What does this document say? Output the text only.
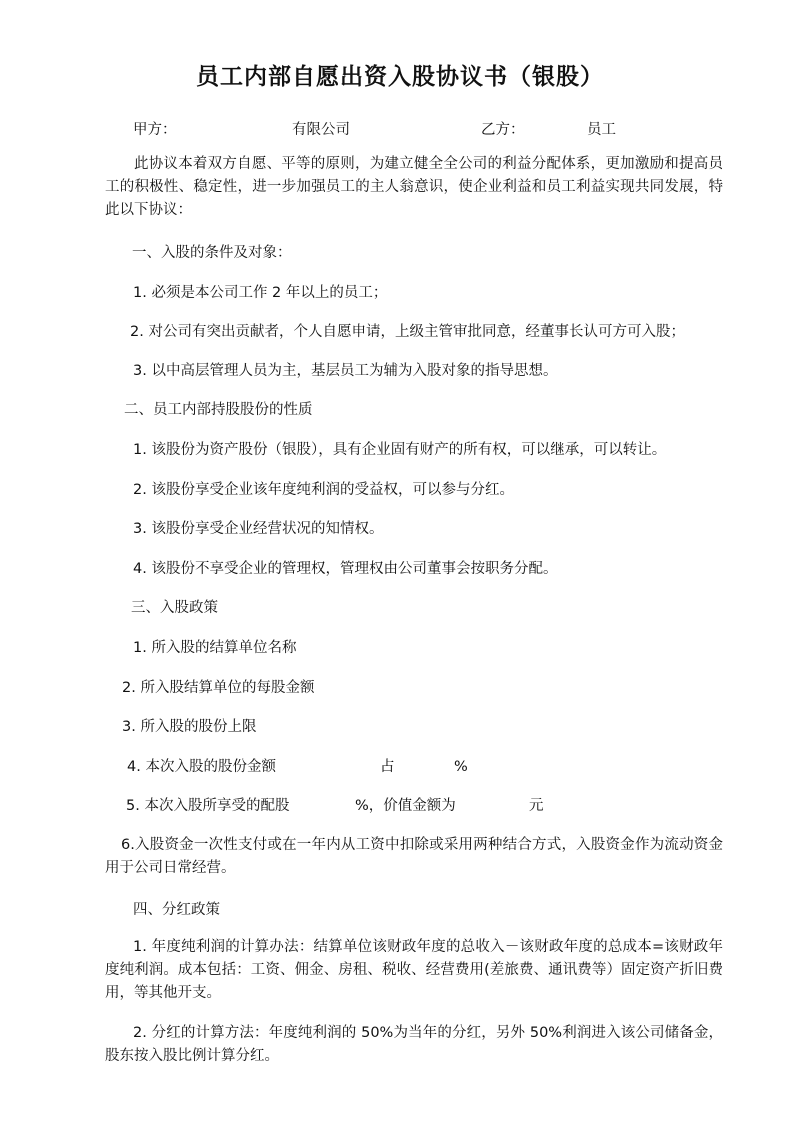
员工内部自愿出资入股协议书（银股）
甲方：	有限公司	乙方：	员工
此协议本着双方自愿、平等的原则，为建立健全全公司的利益分配体系，更加激励和提高员工的积极性、稳定性，进一步加强员工的主人翁意识，使企业利益和员工利益实现共同发展，特此以下协议：
一、入股的条件及对象：
1. 必须是本公司工作 2 年以上的员工；
2. 对公司有突出贡献者，个人自愿申请，上级主管审批同意，经董事长认可方可入股；
3. 以中高层管理人员为主，基层员工为辅为入股对象的指导思想。
二、员工内部持股股份的性质
1. 该股份为资产股份（银股），具有企业固有财产的所有权，可以继承，可以转让。
2. 该股份享受企业该年度纯利润的受益权，可以参与分红。
3. 该股份享受企业经营状况的知情权。
4. 该股份不享受企业的管理权，管理权由公司董事会按职务分配。
三、入股政策
1. 所入股的结算单位名称
2. 所入股结算单位的每股金额
3. 所入股的股份上限
4. 本次入股的股份金额	占	%
5. 本次入股所享受的配股	%，价值金额为	元
6.入股资金一次性支付或在一年内从工资中扣除或采用两种结合方式，入股资金作为流动资金用于公司日常经营。
四、分红政策
1. 年度纯利润的计算办法：结算单位该财政年度的总收入－该财政年度的总成本=该财政年度纯利润。成本包括：工资、佣金、房租、税收、经营费用(差旅费、通讯费等）固定资产折旧费用，等其他开支。
2. 分红的计算方法：年度纯利润的 50%为当年的分红，另外 50%利润进入该公司储备金，股东按入股比例计算分红。
